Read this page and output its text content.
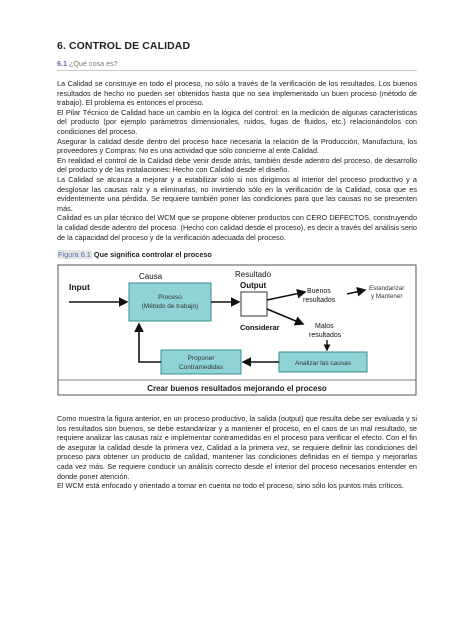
6. CONTROL DE CALIDAD
6.1 ¿Qué cosa es?

La Calidad se construye en todo el proceso, no sólo a través de la verificación de los resultados. Los buenos resultados de hecho no pueden ser obtenidos hasta que no sea implementado un buen proceso (método de trabajo). El problema es entonces el proceso.

El Pilar Técnico de Calidad hace un cambio en la lógica del control: en la medición de algunas características del producto (por ejemplo parámetros dimensionales, ruidos, fugas de fluidos, etc.) relacionándolos con condiciones del proceso.

Asegurar la calidad desde dentro del proceso hace necesaria la relación de la Producción, Manufactura, los proveedores y Compras: No es una actividad que sólo concierne al ente Calidad.

En realidad el control de la Calidad debe venir desde atrás, también desde adentro del proceso, de desarrollo del producto y de las instalaciones: Hecho con Calidad desde el diseño.

La Calidad se alcanza a mejorar y a estabilizar sólo si nos dirigimos al interior del proceso productivo y a desglosar las causas raíz y a eliminarlas, no invirtiendo sólo en la verificación de la Calidad, cosa que es evidentemente una pérdida. Se requiere también poner las condiciones para que las causas no se presenten más.

Calidad es un pilar técnico del WCM que se propone obtener productos con CERO DEFECTOS, construyendo la calidad desde adentro del proceso. (Hecho con calidad desde el proceso), es decir a través del análisis serio de la capacidad del proceso y de la verificación adecuada del proceso.

Figura 6.1 Que significa controlar el proceso
Input
Causa	Resultado
Output
Proceso
(Método de trabajo)
Considerar
Buenos
resultados
Estandarizar
y Mantener
Malos
resultados
Analizar las causas
Proponer
Contramedidas
Crear buenos resultados mejorando el proceso

Como muestra la figura anterior, en un proceso productivo, la salida (output) que resulta debe ser evaluada y si los resultados son buenos, se debe estandarizar y a mantener el proceso, en el caos de un mal resultado, se requiere analizar las causas raíz e implementar contramedidas en el proceso para verificar el efecto. Con el fin de asegurar la calidad desde la primera vez, Calidad a la primera vez, se requiere definir las condiciones del proceso para obtener un producto de calidad, mantener las condiciones definidas en el tiempo y mejorarlas cada vez más. Se requiere conducir un análisis correcto desde el interior del proceso necesarios entender en donde poner atención.

El WCM está enfocado y orientado a tomar en cuenta no todo el proceso, sino sólo los puntos más críticos.
